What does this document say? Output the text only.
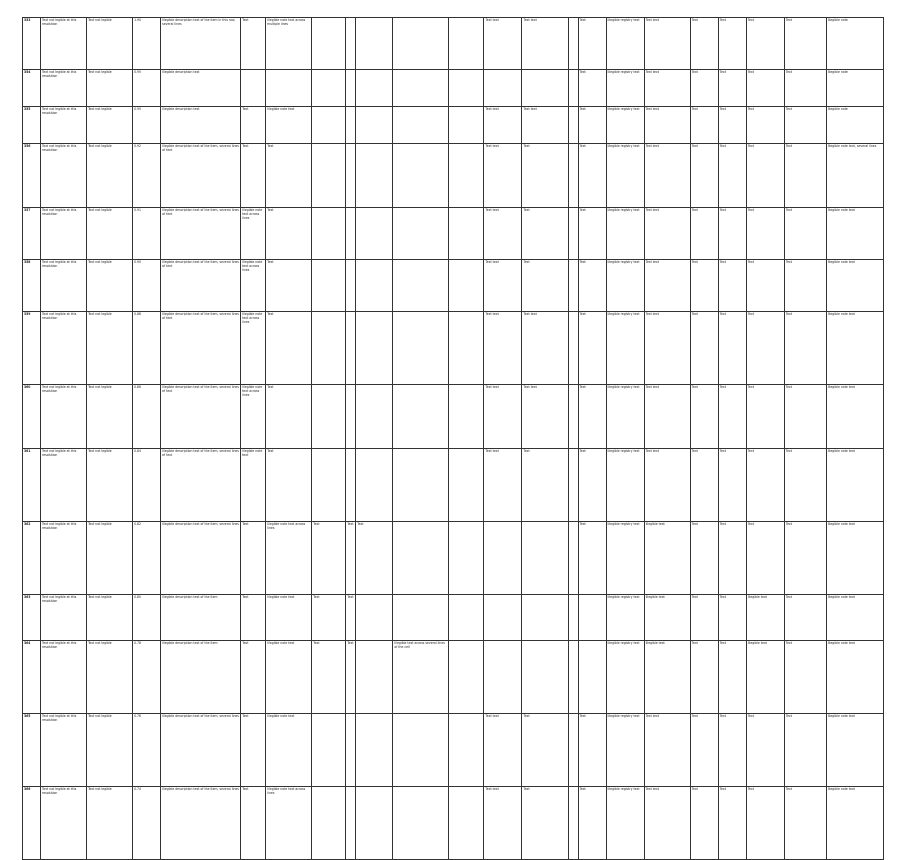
353	Text not legible at this resolution	Text not legible	1.90	Illegible description text of the item in this row, several lines	Text	Illegible note text across multiple lines						Text text	Text text		Text	Illegible registry text	Text text	Text	Text	Text	Text	Illegible note
354	Text not legible at this resolution	Text not legible	0.95	Illegible description text											Text	Illegible registry text	Text text	Text	Text	Text	Text	Illegible note
355	Text not legible at this resolution	Text not legible	0.95	Illegible description text	Text	Illegible note text						Text text	Text text		Text	Illegible registry text	Text text	Text	Text	Text	Text	Illegible note
356	Text not legible at this resolution	Text not legible	0.92	Illegible description text of the item, several lines of text	Text	Text						Text text	Text		Text	Illegible registry text	Text text	Text	Text	Text	Text	Illegible note text, several lines
357	Text not legible at this resolution	Text not legible	0.91	Illegible description text of the item, several lines of text	Illegible note text across lines	Text						Text text	Text		Text	Illegible registry text	Text text	Text	Text	Text	Text	Illegible note text
358	Text not legible at this resolution	Text not legible	0.90	Illegible description text of the item, several lines of text	Illegible note text across lines	Text						Text text	Text		Text	Illegible registry text	Text text	Text	Text	Text	Text	Illegible note text
359	Text not legible at this resolution	Text not legible	0.88	Illegible description text of the item, several lines of text	Illegible note text across lines	Text						Text text	Text text		Text	Illegible registry text	Text text	Text	Text	Text	Text	Illegible note text
360	Text not legible at this resolution	Text not legible	0.86	Illegible description text of the item, several lines of text	Illegible note text across lines	Text						Text text	Text text		Text	Illegible registry text	Text text	Text	Text	Text	Text	Illegible note text
361	Text not legible at this resolution	Text not legible	0.84	Illegible description text of the item, several lines of text	Illegible note text	Text						Text text	Text		Text	Illegible registry text	Text text	Text	Text	Text	Text	Illegible note text
362	Text not legible at this resolution	Text not legible	0.82	Illegible description text of the item, several lines	Text	Illegible note text across lines	Text	Text	Text						Text	Illegible registry text	Illegible text	Text	Text	Text	Text	Illegible note text
363	Text not legible at this resolution	Text not legible	0.80	Illegible description text of the item	Text	Illegible note text	Text	Text								Illegible registry text	Illegible text	Text	Text	Illegible text	Text	Illegible note text
364	Text not legible at this resolution	Text not legible	0.78	Illegible description text of the item	Text	Illegible note text	Text	Text		Illegible text across several lines of the cell						Illegible registry text	Illegible text	Text	Text	Illegible text	Text	Illegible note text
365	Text not legible at this resolution	Text not legible	0.76	Illegible description text of the item, several lines	Text	Illegible note text						Text text	Text		Text	Illegible registry text	Text text	Text	Text	Text	Text	Illegible note text
366	Text not legible at this resolution	Text not legible	0.74	Illegible description text of the item, several lines	Text	Illegible note text across lines						Text text	Text		Text	Illegible registry text	Text text	Text	Text	Text	Text	Illegible note text
